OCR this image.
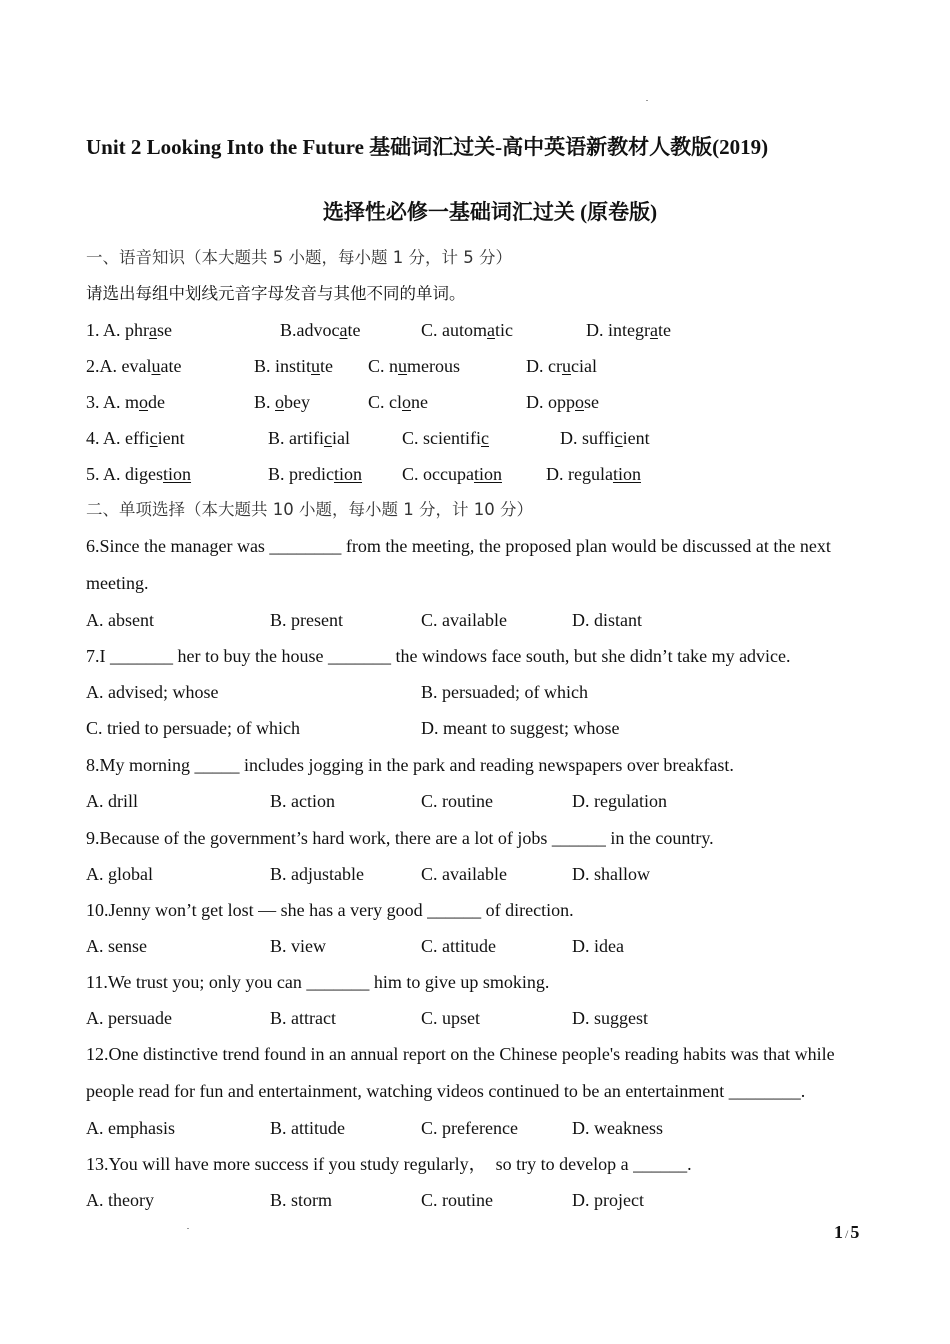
Unit 2 Looking Into the Future 基础词汇过关-高中英语新教材人教版(2019)
选择性必修一基础词汇过关 (原卷版)
一、语音知识（本大题共 5 小题，每小题 1 分，计 5 分）
请选出每组中划线元音字母发音与其他不同的单词。
1. A. phrase	B.advocate	C. automatic	D. integrate
2.A. evaluate	B. institute C. numerous	D. crucial
3. A. mode	B. obey	C. clone	D. oppose
4. A. efficient	B. artificial	C. scientific	D. sufficient
5. A. digestion	B. prediction C. occupation D. regulation
二、单项选择（本大题共 10 小题，每小题 1 分，计 10 分）
6.Since the manager was ________ from the meeting, the proposed plan would be discussed at the next meeting.
A. absent	B. present	C. available	D. distant
7.I _______ her to buy the house _______ the windows face south, but she didn’t take my advice.
A. advised; whose	B. persuaded; of which
C. tried to persuade; of which	D. meant to suggest; whose
8.My morning _____ includes jogging in the park and reading newspapers over breakfast.
A. drill	B. action	C. routine	D. regulation
9.Because of the government’s hard work, there are a lot of jobs ______ in the country.
A. global	B. adjustable	C. available	D. shallow
10.Jenny won’t get lost — she has a very good ______ of direction.
A. sense	B. view	C. attitude	D. idea
11.We trust you; only you can _______ him to give up smoking.
A. persuade	B. attract	C. upset	D. suggest
12.One distinctive trend found in an annual report on the Chinese people's reading habits was that while people read for fun and entertainment, watching videos continued to be an entertainment ________.
A. emphasis	B. attitude	C. preference	D. weakness
13.You will have more success if you study regularly，  so try to develop a ______.
A. theory	B. storm	C. routine	D. project
1 / 5
